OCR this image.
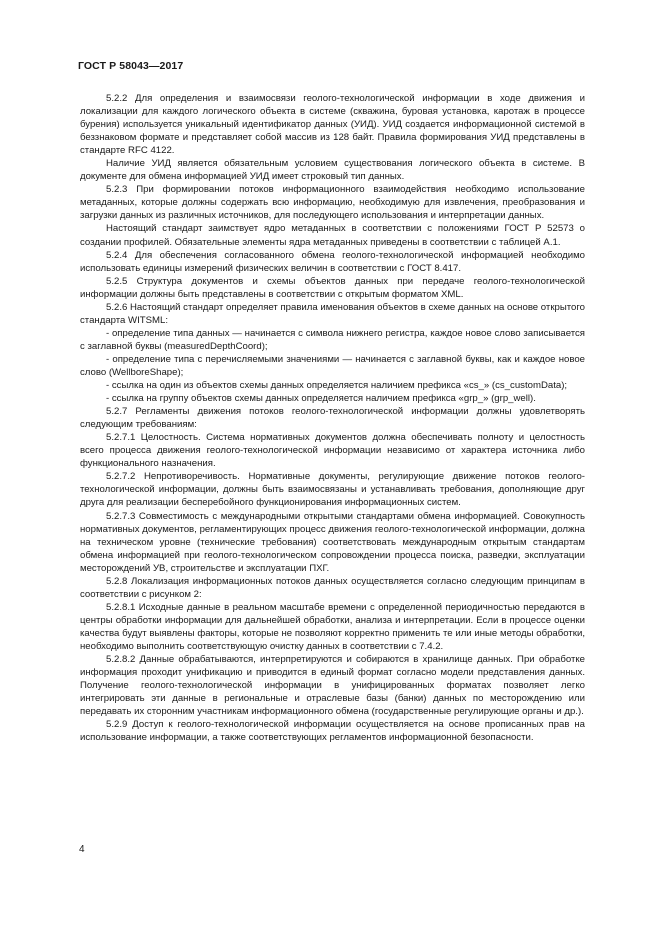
ГОСТ Р 58043—2017

5.2.2 Для определения и взаимосвязи геолого-технологической информации в ходе движения и локализации для каждого логического объекта в системе (скважина, буровая установка, каротаж в процессе бурения) используется уникальный идентификатор данных (УИД). УИД создается информационной системой в беззнаковом формате и представляет собой массив из 128 байт. Правила формирования УИД представлены в стандарте RFC 4122.

Наличие УИД является обязательным условием существования логического объекта в системе. В документе для обмена информацией УИД имеет строковый тип данных.

5.2.3 При формировании потоков информационного взаимодействия необходимо использование метаданных, которые должны содержать всю информацию, необходимую для извлечения, преобразования и загрузки данных из различных источников, для последующего использования и интерпретации данных.

Настоящий стандарт заимствует ядро метаданных в соответствии с положениями ГОСТ Р 52573 о создании профилей. Обязательные элементы ядра метаданных приведены в соответствии с таблицей А.1.

5.2.4 Для обеспечения согласованного обмена геолого-технологической информацией необходимо использовать единицы измерений физических величин в соответствии с ГОСТ 8.417.

5.2.5 Структура документов и схемы объектов данных при передаче геолого-технологической информации должны быть представлены в соответствии с открытым форматом XML.

5.2.6 Настоящий стандарт определяет правила именования объектов в схеме данных на основе открытого стандарта WITSML:

- определение типа данных — начинается с символа нижнего регистра, каждое новое слово записывается с заглавной буквы (measuredDepthCoord);

- определение типа с перечисляемыми значениями — начинается с заглавной буквы, как и каждое новое слово (WellboreShape);

- ссылка на один из объектов схемы данных определяется наличием префикса «cs_» (cs_customData);

- ссылка на группу объектов схемы данных определяется наличием префикса «grp_» (grp_well).

5.2.7 Регламенты движения потоков геолого-технологической информации должны удовлетворять следующим требованиям:

5.2.7.1 Целостность. Система нормативных документов должна обеспечивать полноту и целостность всего процесса движения геолого-технологической информации независимо от характера источника либо функционального назначения.

5.2.7.2 Непротиворечивость. Нормативные документы, регулирующие движение потоков геолого-технологической информации, должны быть взаимосвязаны и устанавливать требования, дополняющие друг друга для реализации бесперебойного функционирования информационных систем.

5.2.7.3 Совместимость с международными открытыми стандартами обмена информацией. Совокупность нормативных документов, регламентирующих процесс движения геолого-технологической информации, должна на техническом уровне (технические требования) соответствовать международным открытым стандартам обмена информацией при геолого-технологическом сопровождении процесса поиска, разведки, эксплуатации месторождений УВ, строительстве и эксплуатации ПХГ.

5.2.8 Локализация информационных потоков данных осуществляется согласно следующим принципам в соответствии с рисунком 2:

5.2.8.1 Исходные данные в реальном масштабе времени с определенной периодичностью передаются в центры обработки информации для дальнейшей обработки, анализа и интерпретации. Если в процессе оценки качества будут выявлены факторы, которые не позволяют корректно применить те или иные методы обработки, необходимо выполнить соответствующую очистку данных в соответствии с 7.4.2.

5.2.8.2 Данные обрабатываются, интерпретируются и собираются в хранилище данных. При обработке информация проходит унификацию и приводится в единый формат согласно модели представления данных. Получение геолого-технологической информации в унифицированных форматах позволяет легко интегрировать эти данные в региональные и отраслевые базы (банки) данных по месторождению или передавать их сторонним участникам информационного обмена (государственные регулирующие органы и др.).

5.2.9 Доступ к геолого-технологической информации осуществляется на основе прописанных прав на использование информации, а также соответствующих регламентов информационной безопасности.

4
